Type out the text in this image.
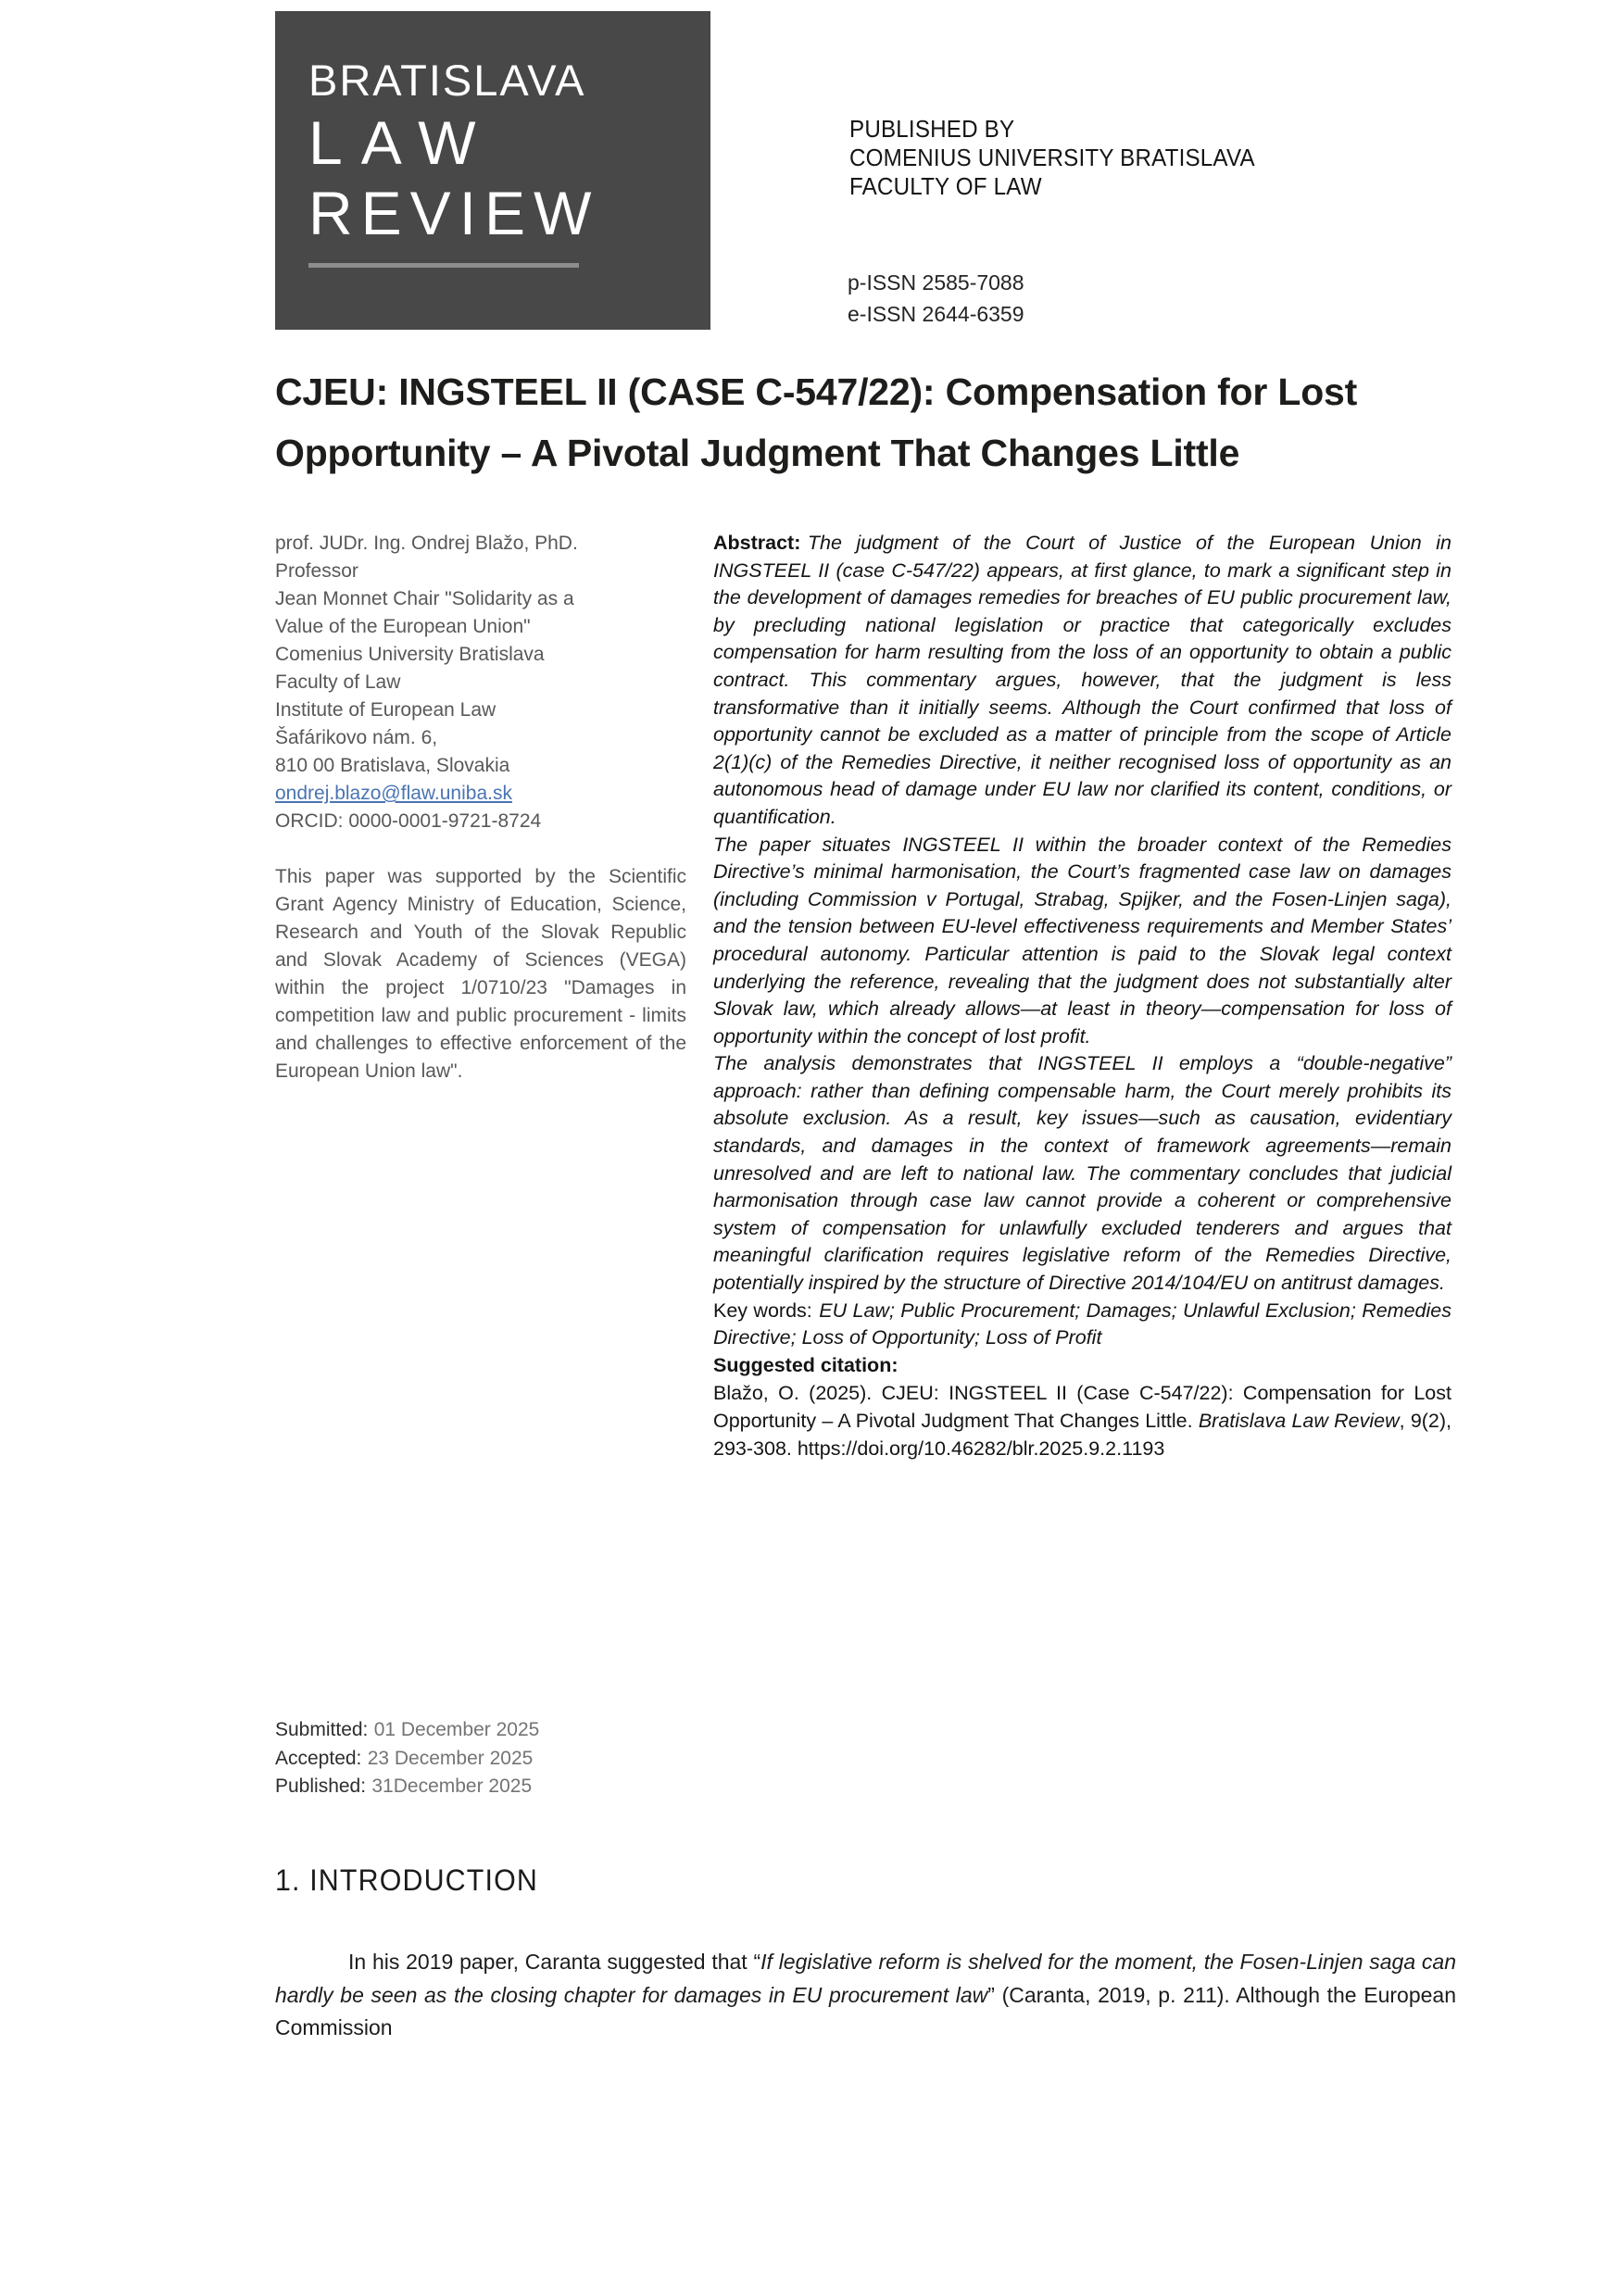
BRATISLAVA
LAW
REVIEW
PUBLISHED BY
COMENIUS UNIVERSITY BRATISLAVA
FACULTY OF LAW
p-ISSN 2585-7088
e-ISSN 2644-6359
CJEU: INGSTEEL II (CASE C-547/22): Compensation for Lost Opportunity – A Pivotal Judgment That Changes Little
prof. JUDr. Ing. Ondrej Blažo, PhD.
Professor
Jean Monnet Chair "Solidarity as a
Value of the European Union"
Comenius University Bratislava
Faculty of Law
Institute of European Law
Šafárikovo nám. 6,
810 00 Bratislava, Slovakia
ondrej.blazo@flaw.uniba.sk
ORCID: 0000-0001-9721-8724
This paper was supported by the Scientific Grant Agency Ministry of Education, Science, Research and Youth of the Slovak Republic and Slovak Academy of Sciences (VEGA) within the project 1/0710/23 "Damages in competition law and public procurement - limits and challenges to effective enforcement of the European Union law".
Submitted: 01 December 2025
Accepted: 23 December 2025
Published: 31December 2025

Abstract: The judgment of the Court of Justice of the European Union in INGSTEEL II (case C-547/22) appears, at first glance, to mark a significant step in the development of damages remedies for breaches of EU public procurement law, by precluding national legislation or practice that categorically excludes compensation for harm resulting from the loss of an opportunity to obtain a public contract. This commentary argues, however, that the judgment is less transformative than it initially seems. Although the Court confirmed that loss of opportunity cannot be excluded as a matter of principle from the scope of Article 2(1)(c) of the Remedies Directive, it neither recognised loss of opportunity as an autonomous head of damage under EU law nor clarified its content, conditions, or quantification.

The paper situates INGSTEEL II within the broader context of the Remedies Directive’s minimal harmonisation, the Court’s fragmented case law on damages (including Commission v Portugal, Strabag, Spijker, and the Fosen-Linjen saga), and the tension between EU-level effectiveness requirements and Member States’ procedural autonomy. Particular attention is paid to the Slovak legal context underlying the reference, revealing that the judgment does not substantially alter Slovak law, which already allows—at least in theory—compensation for loss of opportunity within the concept of lost profit.

The analysis demonstrates that INGSTEEL II employs a “double-negative” approach: rather than defining compensable harm, the Court merely prohibits its absolute exclusion. As a result, key issues—such as causation, evidentiary standards, and damages in the context of framework agreements—remain unresolved and are left to national law. The commentary concludes that judicial harmonisation through case law cannot provide a coherent or comprehensive system of compensation for unlawfully excluded tenderers and argues that meaningful clarification requires legislative reform of the Remedies Directive, potentially inspired by the structure of Directive 2014/104/EU on antitrust damages.

Key words: EU Law; Public Procurement; Damages; Unlawful Exclusion; Remedies Directive; Loss of Opportunity; Loss of Profit

Suggested citation:

Blažo, O. (2025). CJEU: INGSTEEL II (Case C-547/22): Compensation for Lost Opportunity – A Pivotal Judgment That Changes Little. Bratislava Law Review, 9(2), 293-308. https://doi.org/10.46282/blr.2025.9.2.1193

1. INTRODUCTION

In his 2019 paper, Caranta suggested that “If legislative reform is shelved for the moment, the Fosen-Linjen saga can hardly be seen as the closing chapter for damages in EU procurement law” (Caranta, 2019, p. 211). Although the European Commission
